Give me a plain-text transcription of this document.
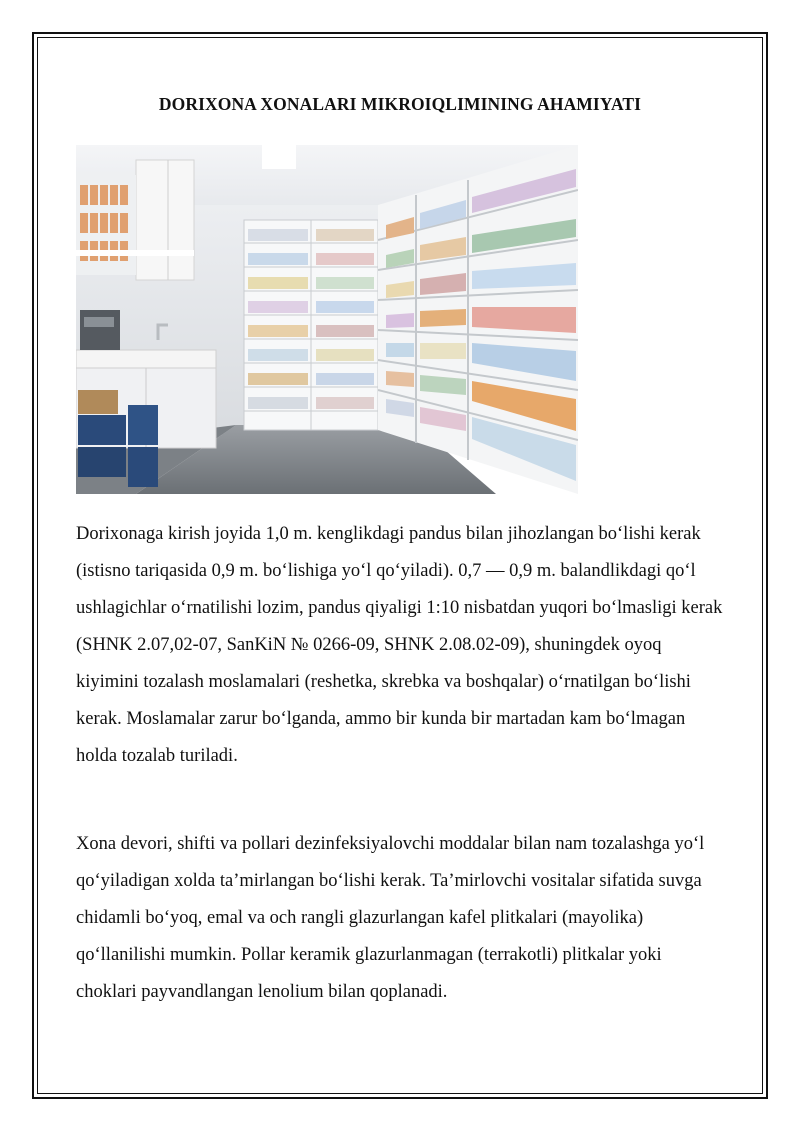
DORIXONA XONALARI MIKROIQLIMINING AHAMIYATI

Dorixonaga kirish joyida 1,0 m. kenglikdagi pandus bilan jihozlangan bo‘lishi kerak (istisno tariqasida 0,9 m. bo‘lishiga yo‘l qo‘yiladi). 0,7 — 0,9 m. balandlikdagi qo‘l ushlagichlar o‘rnatilishi lozim, pandus qiyaligi 1:10 nisbatdan yuqori bo‘lmasligi kerak (SHNK 2.07,02-07, SanKiN № 0266-09, SHNK 2.08.02-09), shuningdek oyoq kiyimini tozalash moslamalari (reshetka, skrebka va boshqalar) o‘rnatilgan bo‘lishi kerak. Moslamalar zarur bo‘lganda, ammo bir kunda bir martadan kam bo‘lmagan holda tozalab turiladi.

Xona devori, shifti va pollari dezinfeksiyalovchi moddalar bilan nam tozalashga yo‘l qo‘yiladigan xolda ta’mirlangan bo‘lishi kerak. Ta’mirlovchi vositalar sifatida suvga chidamli bo‘yoq, emal va och rangli glazurlangan kafel plitkalari (mayolika) qo‘llanilishi mumkin. Pollar keramik glazurlanmagan (terrakotli) plitkalar yoki choklari payvandlangan lenolium bilan qoplanadi.
